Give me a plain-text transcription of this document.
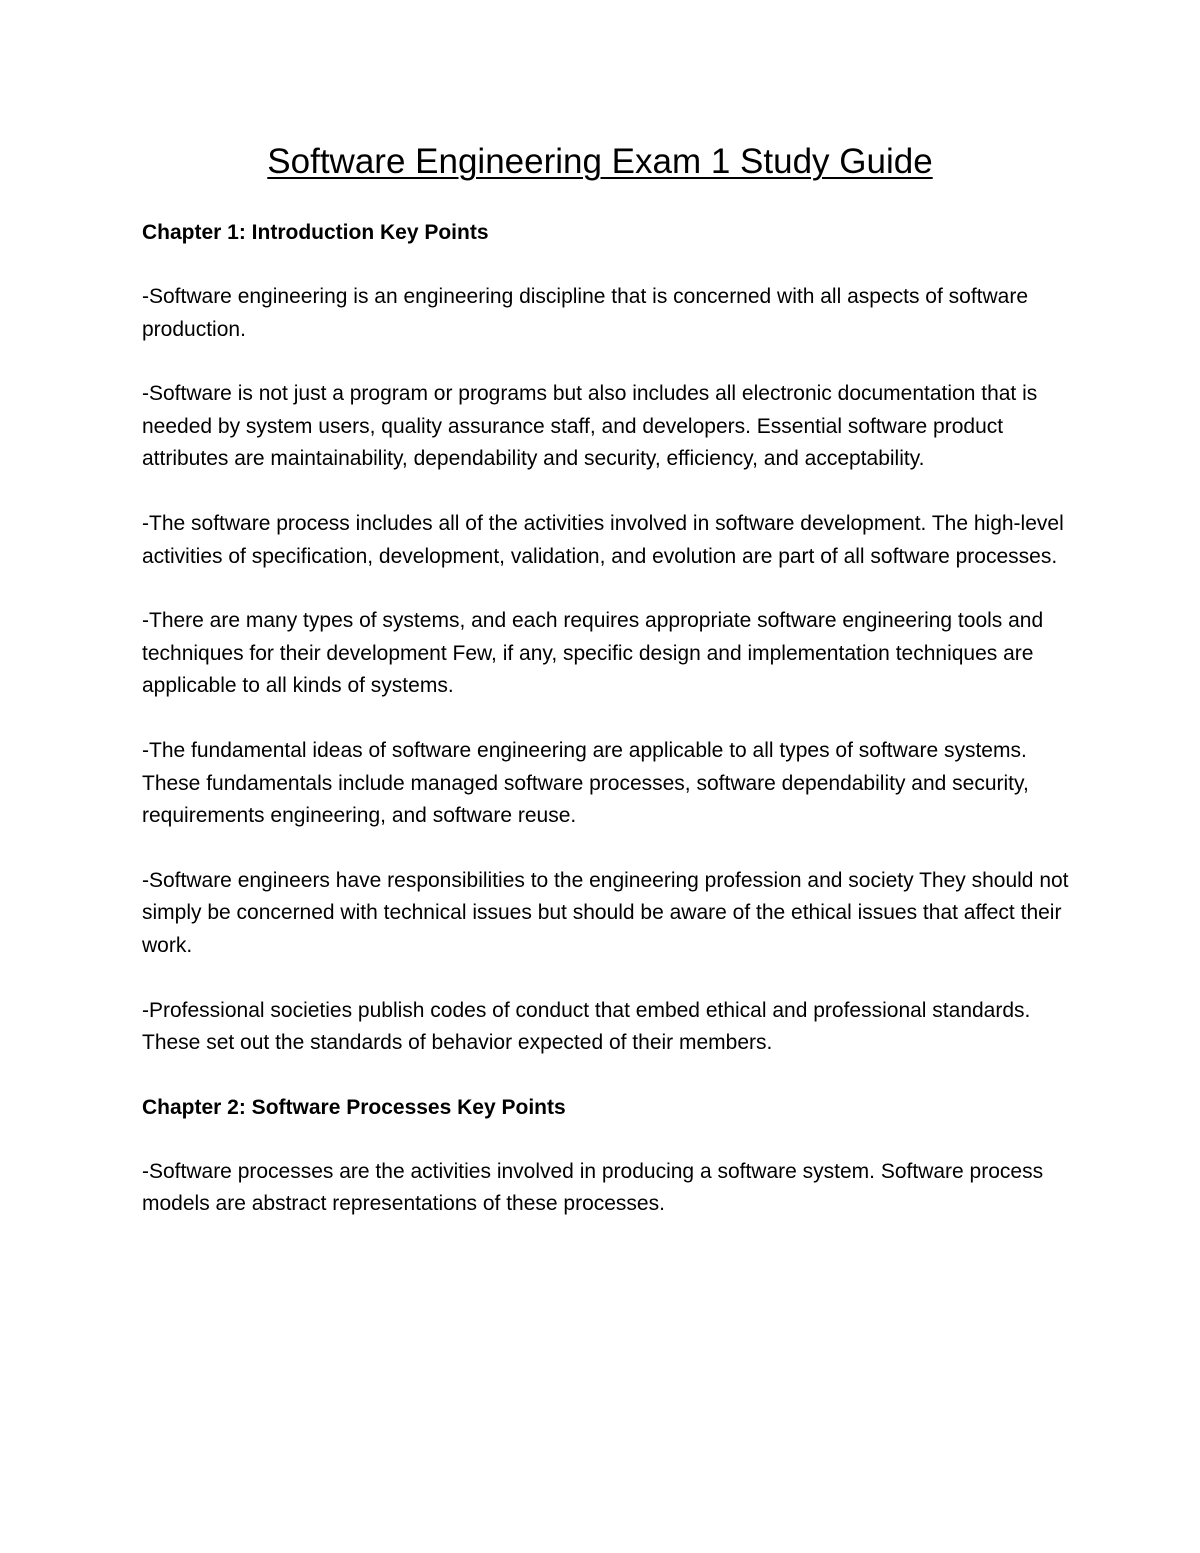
Software Engineering Exam 1 Study Guide
Chapter 1: Introduction Key Points

-Software engineering is an engineering discipline that is concerned with all aspects of software production.

-Software is not just a program or programs but also includes all electronic documentation that is needed by system users, quality assurance staff, and developers. Essential software product attributes are maintainability, dependability and security, efficiency, and acceptability.

-The software process includes all of the activities involved in software development. The high-level activities of specification, development, validation, and evolution are part of all software processes.

-There are many types of systems, and each requires appropriate software engineering tools and techniques for their development Few, if any, specific design and implementation techniques are applicable to all kinds of systems.

-The fundamental ideas of software engineering are applicable to all types of software systems. These fundamentals include managed software processes, software dependability and security, requirements engineering, and software reuse.

-Software engineers have responsibilities to the engineering profession and society They should not simply be concerned with technical issues but should be aware of the ethical issues that affect their work.

-Professional societies publish codes of conduct that embed ethical and professional standards. These set out the standards of behavior expected of their members.

Chapter 2: Software Processes Key Points

-Software processes are the activities involved in producing a software system. Software process models are abstract representations of these processes.
